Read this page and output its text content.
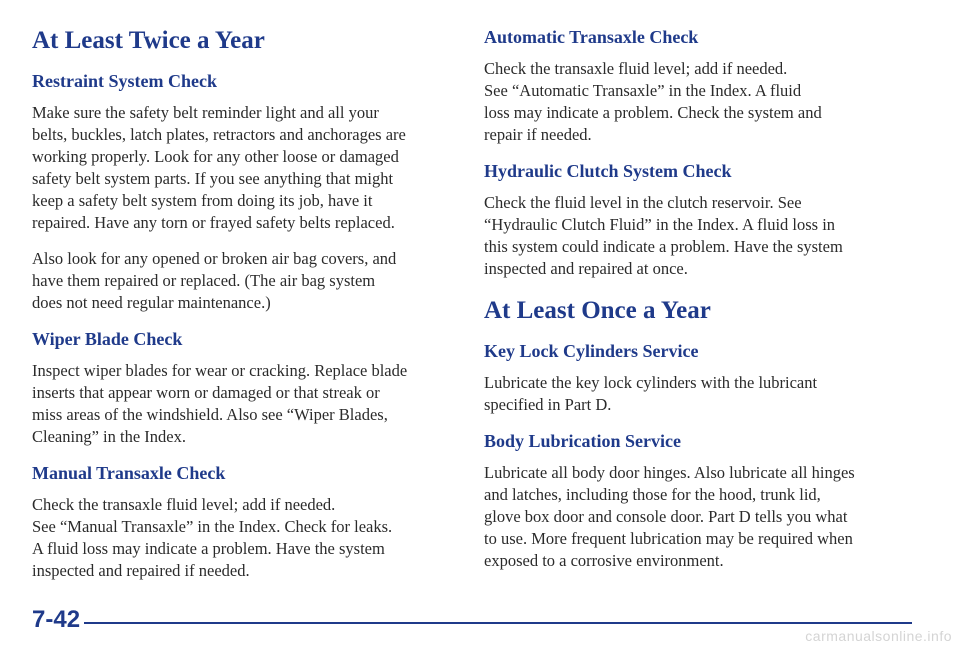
At Least Twice a Year
Restraint System Check

Make sure the safety belt reminder light and all your
belts, buckles, latch plates, retractors and anchorages are
working properly. Look for any other loose or damaged
safety belt system parts. If you see anything that might
keep a safety belt system from doing its job, have it
repaired. Have any torn or frayed safety belts replaced.

Also look for any opened or broken air bag covers, and
have them repaired or replaced. (The air bag system
does not need regular maintenance.)

Wiper Blade Check

Inspect wiper blades for wear or cracking. Replace blade
inserts that appear worn or damaged or that streak or
miss areas of the windshield. Also see “Wiper Blades,
Cleaning” in the Index.

Manual Transaxle Check

Check the transaxle fluid level; add if needed.
See “Manual Transaxle” in the Index. Check for leaks.
A fluid loss may indicate a problem. Have the system
inspected and repaired if needed.

Automatic Transaxle Check

Check the transaxle fluid level; add if needed.
See “Automatic Transaxle” in the Index. A fluid
loss may indicate a problem. Check the system and
repair if needed.

Hydraulic Clutch System Check

Check the fluid level in the clutch reservoir. See
“Hydraulic Clutch Fluid” in the Index. A fluid loss in
this system could indicate a problem. Have the system
inspected and repaired at once.

At Least Once a Year
Key Lock Cylinders Service

Lubricate the key lock cylinders with the lubricant
specified in Part D.

Body Lubrication Service

Lubricate all body door hinges. Also lubricate all hinges
and latches, including those for the hood, trunk lid,
glove box door and console door. Part D tells you what
to use. More frequent lubrication may be required when
exposed to a corrosive environment.

7-42
carmanualsonline.info
